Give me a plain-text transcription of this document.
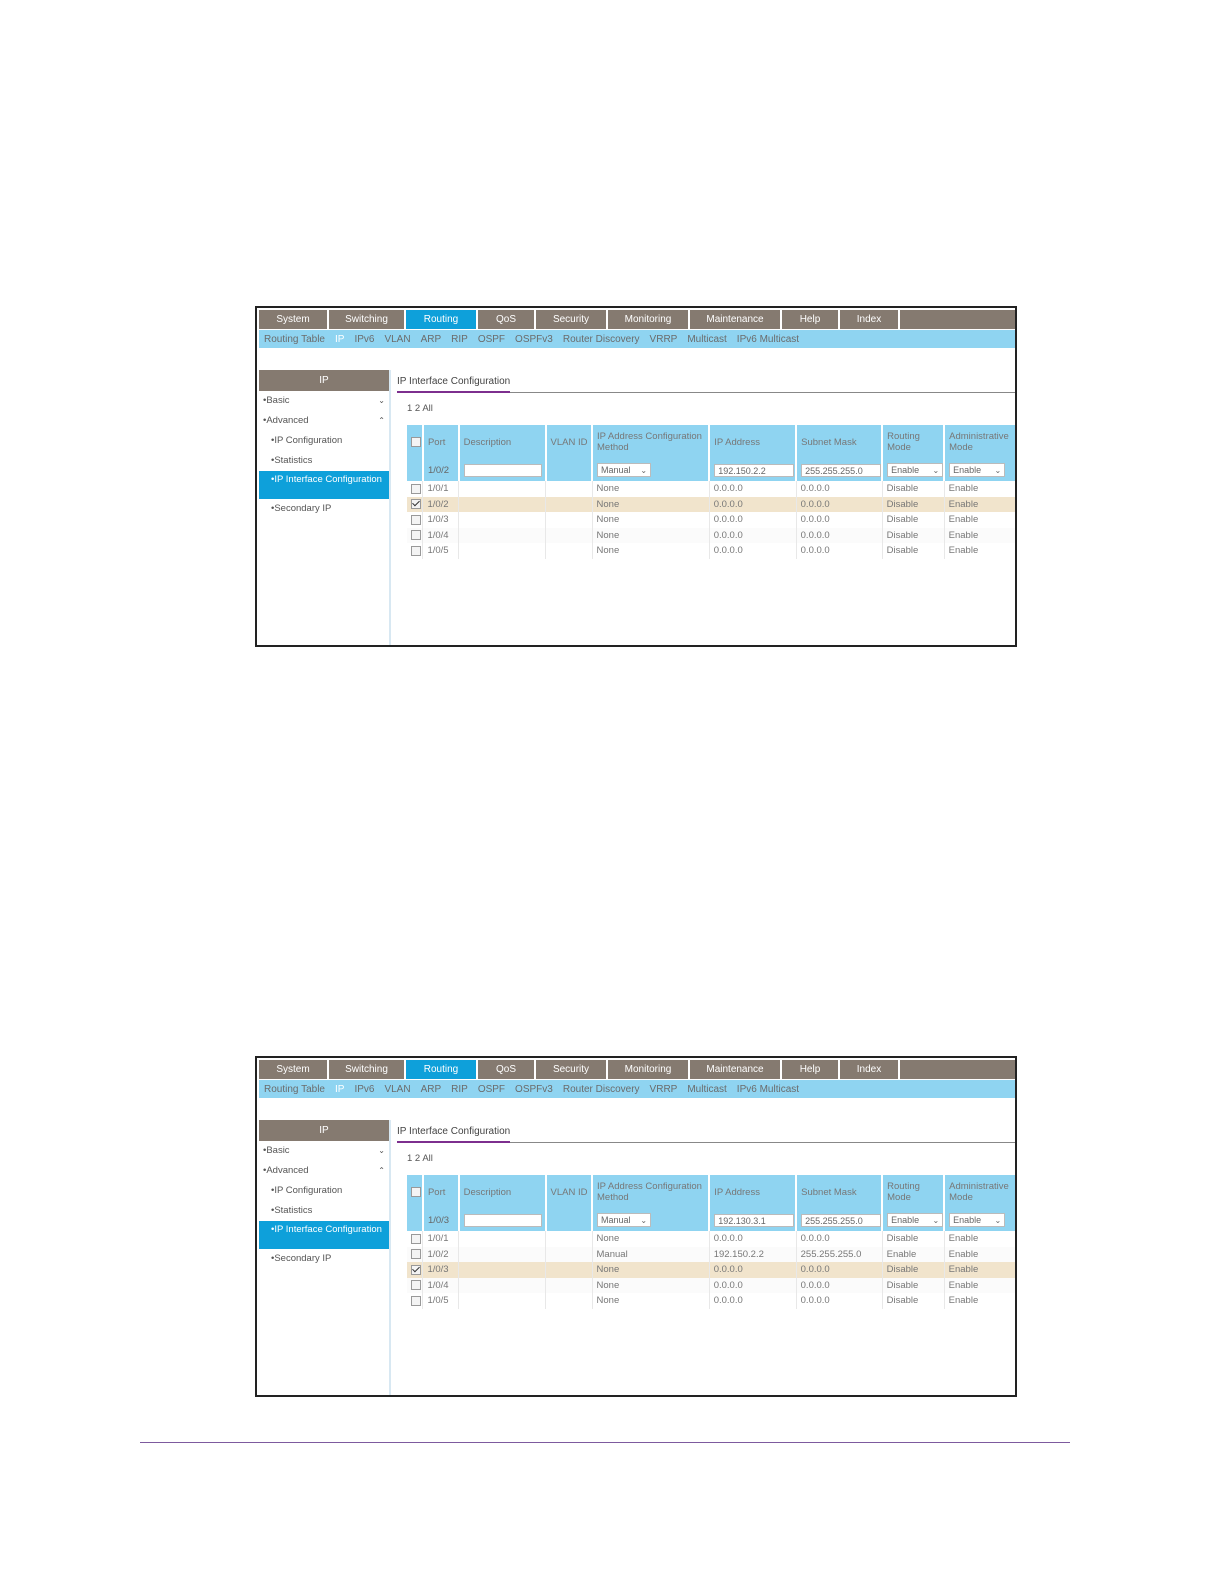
System	Switching	Routing	QoS	Security	Monitoring	Maintenance	Help	Index
Routing Table	IP	IPv6	VLAN	ARP	RIP	OSPF	OSPFv3	Router Discovery	VRRP	Multicast	IPv6 Multicast
IP
•Basic	⌄
•Advanced	⌃
•IP Configuration
•Statistics
•IP Interface Configuration
•Secondary IP
IP Interface Configuration
1 2 All
	Port	Description	VLAN ID	IP Address Configuration Method	IP Address	Subnet Mask	Routing Mode	Administrative Mode
	1/0/2			Manual ⌄	192.150.2.2	255.255.255.0	Enable ⌄	Enable ⌄

	1/0/1			None	0.0.0.0	0.0.0.0	Disable	Enable
	1/0/2			None	0.0.0.0	0.0.0.0	Disable	Enable
	1/0/3			None	0.0.0.0	0.0.0.0	Disable	Enable
	1/0/4			None	0.0.0.0	0.0.0.0	Disable	Enable
	1/0/5			None	0.0.0.0	0.0.0.0	Disable	Enable
System	Switching	Routing	QoS	Security	Monitoring	Maintenance	Help	Index
Routing Table	IP	IPv6	VLAN	ARP	RIP	OSPF	OSPFv3	Router Discovery	VRRP	Multicast	IPv6 Multicast
IP
•Basic	⌄
•Advanced	⌃
•IP Configuration
•Statistics
•IP Interface Configuration
•Secondary IP
IP Interface Configuration
1 2 All
	Port	Description	VLAN ID	IP Address Configuration Method	IP Address	Subnet Mask	Routing Mode	Administrative Mode
	1/0/3			Manual ⌄	192.130.3.1	255.255.255.0	Enable ⌄	Enable ⌄

	1/0/1			None	0.0.0.0	0.0.0.0	Disable	Enable
	1/0/2			Manual	192.150.2.2	255.255.255.0	Enable	Enable
	1/0/3			None	0.0.0.0	0.0.0.0	Disable	Enable
	1/0/4			None	0.0.0.0	0.0.0.0	Disable	Enable
	1/0/5			None	0.0.0.0	0.0.0.0	Disable	Enable
